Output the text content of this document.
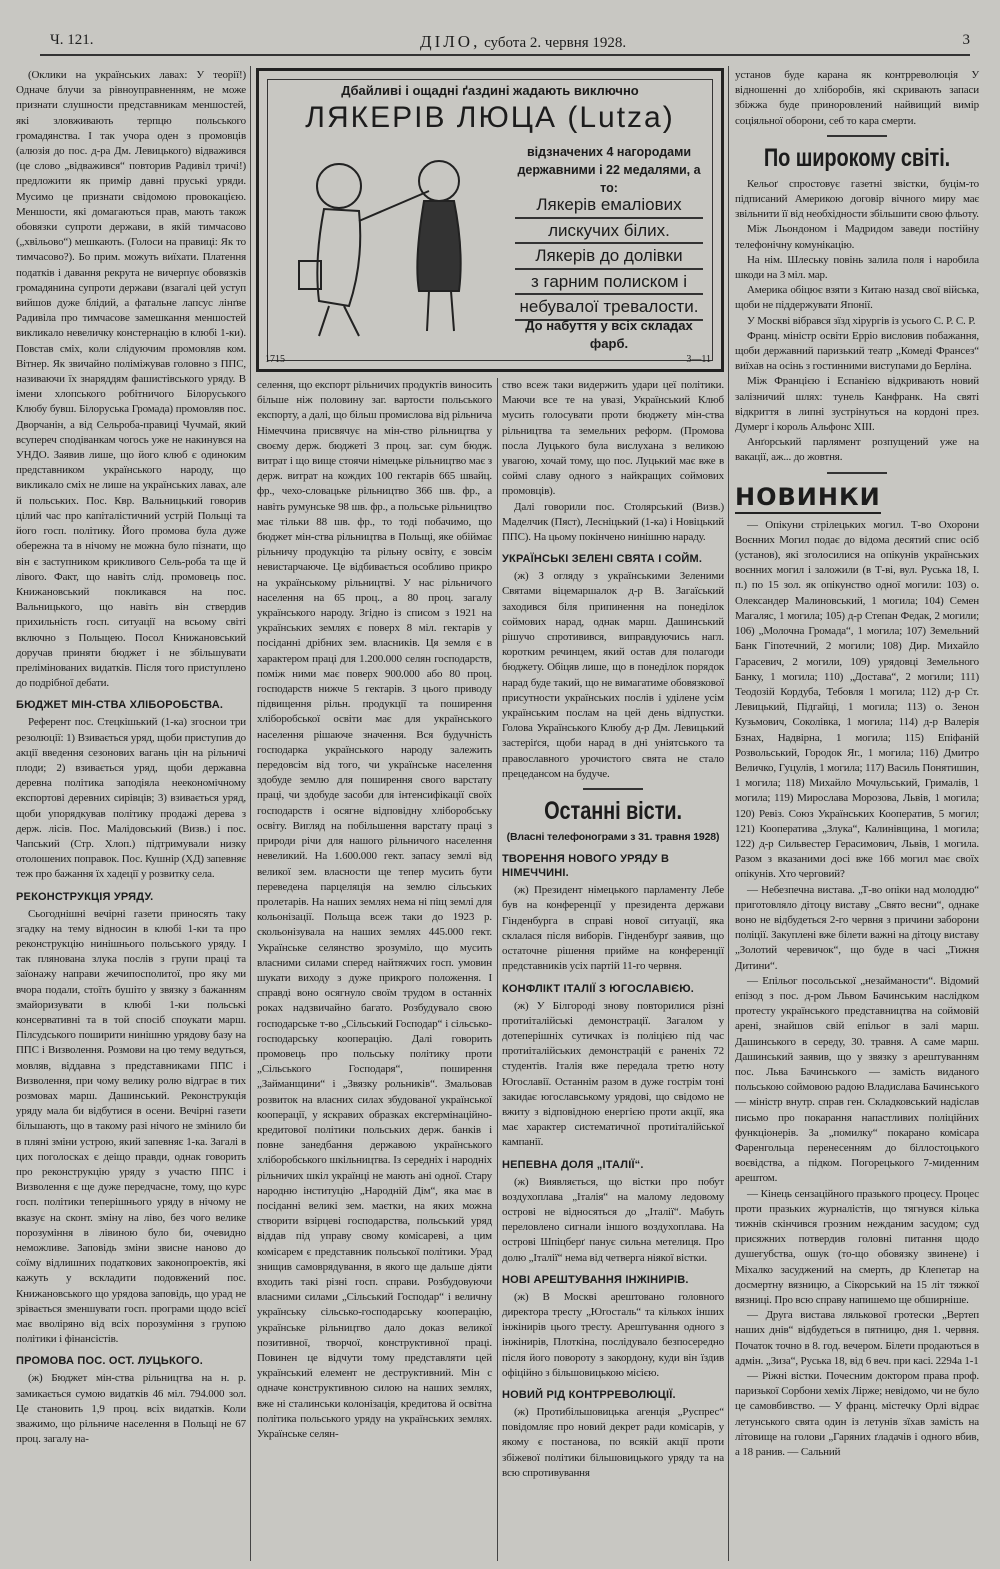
Ч. 121.	ДІЛО, субота 2. червня 1928.	3
Дбайливі і ощадні ґаздині жадають виключно
ЛЯКЕРІВ ЛЮЦА (Lutza)
відзначених 4 нагородами державними і 22 медалями, а то:
Лякерів емаліових
лискучих білих.
Лякерів до долівки
з гарним полиском і
небувалої тревалости.
До набуття у всіх складах фарб.
1715	3—11

(Оклики на українських лавах: У теорії!) Одначе блучи за рівноуправненням, не може признати слушности представникам меншостей, які зловживають терпцю польського громадянства. І так учора оден з промовців (алюзія до пос. д-ра Дм. Левицького) відважився (це слово „відважився“ повторив Радивіл тричі!) предложити як примір давні пруські уряди. Мусимо це признати свідомою провокацією. Меншости, які домагаються прав, мають також обовязки супроти держави, в якій тимчасово („хвільово“) мешкають. (Голоси на правиці: Як то тимчасово?). Бо прим. можуть виїхати. Платення податків і давання рекрута не вичерпує обовязків громадянина супроти держави (взагалі цей уступ вийшов дуже блідий, а фатальне лапсус лінґве Радивіла про тимчасове замешкання меншостей викликало невеличку констернацію в клюбі 1-ки). Повстав сміх, коли слідуючим промовляв ком. Вітнер. Як звичайно поліміжував головно з ППС, називаючи їх знаряддям фашистівського уряду. В імени хлопського робітничого Білоруського Клюбу бувш. Білоруська Громада) промовляв пос. Дворчанін, а від Сельроба-правиці Чучмай, який всупереч сподіванкам чогось уже не накинувся на УНДО. Заявив лише, що його клюб є одиноким представником українського народу, що викликало сміх не лише на українських лавах, але й польських. Пос. Квр. Вальницький говорив цілий час про капіталістичний устрій Польщі та його госп. політику. Його промова була дуже обережна та в нічому не можна було пізнати, що він є заступником крикливого Сель-роба та ще й лівого. Факт, що навіть слід. промовець пос. Книжановський покликався на пос. Вальницького, що навіть він ствердив прихильність госп. ситуації на всьому світі включно з Польщею. Посол Книжановський доручав приняти бюджет і не збільшувати прелімінованих видатків. Після того приступлено до подрібної дебати.

БЮДЖЕТ МІН-СТВА ХЛІБОРОБСТВА.

Референт пос. Стецкішький (1-ка) згоснои три резолюції: 1) Взивається уряд, щоби приступив до акції введення сезонових вагань цін на рільничі плоди; 2) взивається уряд, щоби державна деревна політика заподіяла неекономічному експортові деревних сирівців; 3) взивається уряд, щоби упорядкував політику продажі дерева з держ. лісів. Пос. Малідовський (Визв.) і пос. Чапський (Стр. Хлоп.) підтримували низку отолошених поправок. Пос. Кушнір (ХД) запевняє теж про бажання їх хадеції у розвитку села.

РЕКОНСТРУКЦІЯ УРЯДУ.

Сьогоднішні вечірні газети приносять таку згадку на тему відносин в клюбі 1-ки та про реконструкцію нинішнього польського уряду. І так плянована злука послів з групи праці та заїонажу направи жечипосполитої, про яку ми вчора подали, стоїть бушіто у звязку з бажанням змайоризувати в клюбі 1-ки польські консервативні та в той спосіб споукати марш. Пілсудського поширити нинішню урядову базу на ППС і Визволення. Розмови на цю тему ведуться, мовляв, віддавна з представниками ППС і Визволення, при чому велику ролю відграє в тих розмовах марш. Дашинський. Реконструкція уряду мала би відбутися в осени. Вечірні газети більшають, що в такому разі нічого не змінило би в пляні зміни устрою, який запевняє 1-ка. Загалі в цих поголосках є деіщо правди, однак говорить про реконструкцію уряду з участю ППС і Визволення є ще дуже передчасне, тому, що курс госп. політики теперішнього уряду в нічому не вказує на сконт. зміну на ліво, без чого велике порозуміння в лівиною було би, очевидно неможливе. Заповідь зміни звисне наново до соїму відлишних податкових законопроектів, які кажуть у вскладити подовжений пос. Книжановського що урядова заповідь, що урад не зрівається зменшувати госп. програми щодо всієї має вволіряно від всіх порозуміння з групою політики і фінансістів.

ПРОМОВА ПОС. ОСТ. ЛУЦЬКОГО.

(ж) Бюджет мін-ства рільництва на н. р. замикається сумою видатків 46 міл. 794.000 зол. Це становить 1,9 проц. всіх видатків. Коли зважимо, що рільниче населення в Польщі не 67 проц. загалу на-

селення, що експорт рільничих продуктів виносить більше ніж половину заг. вартости польського експорту, а далі, що більш промислова від рільнича Німеччина присвячує на мін-ство рільництва у своєму держ. бюджеті 3 проц. заг. сум бюдж. витрат і що вище стоячи німецьке рільництво має з держ. витрат на кождих 100 гектарів 665 швайц. фр., чехо-словацьке рільництво 366 шв. фр., а навіть румунське 98 шв. фр., а польське рільництво має тільки 88 шв. фр., то тоді побачимо, що бюджет мін-ства рільництва в Польщі, яке обіймає рільничу продукцію та рільну освіту, є зовсім невистарчаюче. Це відбивається особливо прикро на українському рільництві. У нас рільничого населення на 65 проц., а 80 проц. загалу українського народу. Згідно із списом з 1921 на українських землях є поверх 8 міл. гектарів у посіданні дрібних зем. власників. Ця земля є в характером праці для 1.200.000 селян господарств, поміж ними має поверх 900.000 або 80 проц. господарств нижче 5 гектарів. З цього приводу підвищення рільн. продукції та поширення хліборобської освіти має для українського населення рішаюче значення. Вся будучність господарка українського народу залежить передовсім від того, чи українське населення здобуде землю для поширення свого варстату праці, чи здобуде засоби для інтенсифікації своїх господарств і осягне відповідну хліборобську освіту. Вигляд на побільшення варстату праці з природи річи для нашого рільничого населення невеликий. На 1.600.000 гект. запасу землі від великої зем. власности ще тепер мусить бути переведена парцеляція на землю сільських пролетарів. На наших землях нема ні піщ землі для кольонізації. Польща всеж таки до 1923 р. скольонізувала на наших землях 445.000 гект. Українське селянство зрозуміло, що мусить власними силами сперед найтяжчих госп. умовин шукати виходу з дуже прикрого положення. І справді воно осягнуло своїм трудом в останніх роках надзвичайно багато. Розбудувало свою господарське т-во „Сільський Господар“ і сільсько-господарську кооперацію. Далі говорить промовець про польську політику проти „Сільського Господаря“, поширення „Займанщини“ і „Звязку рольників“. Змальовав розвиток на власних силах збудованої української кооперації, у яскравих образках ексгермінаційно-кредитової політики польських держ. банків і повне занедбання державою українського хліборобського шкільництва. Із середніх і народніх рільничих шкіл українці не мають ані одної. Стару народню інституцію „Народній Дім“, яка має в посіданні великі зем. маєтки, на яких можна створити взірцеві господарства, польський уряд віддав під управу свому комісареві, а цим комісарем є представник польської політики. Урад знищив самоврядування, в якого ще дальше діяти входить такі різні госп. справи. Розбудовуючи власними силами „Сільський Господар“ і величну українську сільсько-господарську кооперацію, українське рільництво дало доказ великої позитивної, творчої, конструктивної праці. Повинен це відчути тому представляти цей український елемент не деструктивний. Мін с одначе конструктивною силою на наших землях, вже ні сталинськи колонізація, кредитова й освітна політика польського уряду на українських землях. Українське селян-

ство всеж таки видержить удари цеї політики. Маючи все те на увазі, Український Клюб мусить голосувати проти бюджету мін-ства рільництва та земельних реформ. (Промова посла Луцького була вислухана з великою увагою, хочай тому, що пос. Луцький має вже в соймі славу одного з найкращих соймових промовців).

Далі говорили пос. Столярський (Визв.) Маделчик (Пяст), Лесніцький (1-ка) і Новіцький ППС). На цьому покінчено нинішню нараду.

УКРАЇНСЬКІ ЗЕЛЕНІ СВЯТА І СОЙМ.

(ж) З огляду з українськими Зеленими Святами віцемаршалок д-р В. Загаїський заходився біля припинення на понеділок соймових нарад, однак марш. Дашинський рішучо спротивився, виправдуючись нагл. коротким речинцем, який остав для полагоди бюджету. Обіцяв лише, що в понеділок порядок нарад буде такий, що не вимагатиме обовязкової присутности українських послів і уділене усім українським послам на цей день відпустки. Голова Українського Клюбу д-р Дм. Левицький застеріґся, щоби нарад в дні уніятського та православного урочистого свята не стало прецедансом на будуче.

Останні вісти.
(Власні телефонограми з 31. травня 1928)
ТВОРЕННЯ НОВОГО УРЯДУ В НІМЕЧЧИНІ.

(ж) Президент німецького парламенту Лебе був на конференції у президента держави Гінденбурга в справі нової ситуації, яка склалася після виборів. Гінденбурґ заявив, що остаточне рішення прийме на конференції представників усіх партій 11-го червня.

КОНФЛІКТ ІТАЛІЇ З ЮГОСЛАВІЄЮ.

(ж) У Білгороді знову повторилися різні протиіталійські демонстрації. Загалом у дотеперішніх сутичках із поліцією під час протиіталійських демонстрацій є раненіх 72 студентів. Італія вже передала третю ноту Югославії. Останнім разом в дуже гострім тоні закидає югославському урядові, що свідомо не вжиту з відповідною енергією проти акції, яка має характер систематичної протиіталійської кампанії.

НЕПЕВНА ДОЛЯ „ІТАЛІЇ“.

(ж) Виявляється, що вістки про побут воздухоплава „Італія“ на малому ледовому острові не відносяться до „Італії“. Мабуть переловлено сигнали іншого воздухоплава. На острові Шпіцберґ панує сильна метелиця. Про долю „Італії“ нема від четверга ніякої вістки.

НОВІ АРЕШТУВАННЯ ІНЖІНИРІВ.

(ж) В Москві арештовано головного директора тресту „Югосталь“ та кількох інших інжінирів цього тресту. Арештування одного з інжінирів, Плоткіна, послідувало безпосередно після його повороту з закордону, куди він їздив офіційно з більшовицькою місією.

НОВИЙ РІД КОНТРРЕВОЛЮЦІЇ.

(ж) Протибільшовицька агенція „Руспрес“ повідомляє про новий декрет ради комісарів, у якому є постанова, по всякій акції проти збіжевої політики більшовицького уряду та на всю спротивування

установ буде карана як контрреволюція У відношенні до хліборобів, які скривають запаси збіжжа буде приноровлений найвищий вимір соціяльної оборони, себ то кара смерти.

По широкому світі.

Кельоґ спростовує газетні звістки, буцім-то підписаний Америкою договір вічного миру має звільнити її від необхідности збільшити свою фльоту.

Між Льондоном і Мадридом заведи постійну телефонічну комунікацію.

На нім. Шлеську повінь залила поля і наробила шкоди на 3 міл. мар.

Америка обіцює взяти з Китаю назад свої війська, щоби не піддержувати Японії.

У Москві вібрався зїзд хірургів із усього С. Р. С. Р.

Франц. міністр освіти Ерріо висловив побажання, щоби державний паризький театр „Комеді Франсез“ виїхав на осінь з гостинними виступами до Берліна.

Між Францією і Еспанією відкривають новий залізничий шлях: тунель Канфранк. На святі відкриття в липні зустрінуться на кордоні през. Думерг і король Альфонс XIII.

Анґорський парлямент розпущений уже на вакації, аж... до жовтня.

НОВИНКИ

— Опікуни стрілецьких могил. Т-во Охорони Воєнних Могил подає до відома десятий спис осіб (установ), які зголосилися на опікунів українських воєнних могил і заложили (в Т-ві, вул. Руська 18, І. п.) по 15 зол. як опікунство одної могили: 103) о. Олександер Малиновський, 1 могила; 104) Семен Магаляс, 1 могила; 105) д-р Степан Федак, 2 могили; 106) „Молочна Громада“, 1 могила; 107) Земельний Банк Гіпотечний, 2 могили; 108) Дир. Михайло Гарасевич, 2 могили, 109) урядовці Земельного Банку, 1 могила; 110) „Достава“, 2 могили; 111) Теодозій Кордуба, Тебовля 1 могила; 112) д-р Ст. Левицький, Підгайці, 1 могила; 113) о. Зенон Кузьмович, Соколівка, 1 могила; 114) д-р Валерія Бзнах, Надвірна, 1 могила; 115) Епіфаній Розвольський, Городок Яг., 1 могила; 116) Дмитро Величко, Гуцулів, 1 могила; 117) Василь Понятишин, 1 могила; 118) Михайло Мочульський, Грималів, 1 могила; 119) Мирослава Морозова, Львів, 1 могила; 120) Ревіз. Союз Українських Кооператив, 5 могил; 121) Кооператива „Злука“, Калинівщина, 1 могила; 122) д-р Сильвестер Герасимович, Львів, 1 могила. Разом з вказаними досі вже 166 могил має своїх опікунів. Хто черговий?

— Небезпечна вистава. „Т-во опіки над молоддю“ приготовляло дітоцу виставу „Свято весни“, однаке воно не відбудеться 2-го червня з причини заборони поліції. Закуплені вже білети важні на дітоцу виставу „Золотий черевичок“, що буде в часі „Тижня Дитини“.

— Епільог посольської „незайманости“. Відомий епізод з пос. д-ром Львом Бачинським наслідком протесту українського представництва на соймовій арені, знайшов свій епільог в залі марш. Дашинського в середу, 30. травня. А саме марш. Дашинський заявив, що у звязку з арештуванням пос. Льва Бачинського — замість видaного польською соймовою радою Владислава Бачинського — міністр внутр. справ ген. Складковський надіслав письмо про покарання напастливих поліційних функціонерів. За „помилку“ покарано комісара Фаренгольца перенесенням до біллостоцького воєвідства, а підком. Погорецького 7-миденним арештом.

— Кінець сензаційного празького процесу. Процес проти празьких журналістів, що тягнувся кілька тижнів скінчився грозним нежданим засудом; суд присяжних потвердив головні питання щодо душегубства, ошук (то-що обовязку звинене) і Міхалко засуджений на смерть, др Клепетар на досмертну вязницю, а Сікорський на 15 літ тяжкої вязниці. Про всю справу напишемо ще обширніше.

— Друга вистава лялькової гротески „Вертеп наших днів“ відбудеться в пятницю, дня 1. червня. Початок точно в 8. год. вечером. Білети продаються в адмін. „Зиза“, Руська 18, від 6 веч. при касі. 2294а 1-1

— Ріжні вістки. Почесним доктором права проф. паризької Сорбони хеміх Лірже; невідомо, чи не було це самовбивство. — У франц. містечку Орлі відрає летунського свята один із летунів зїхав замість на літовище на голови „Гаряних ґладачів і одного вбив, а 18 ранив. — Сальний
